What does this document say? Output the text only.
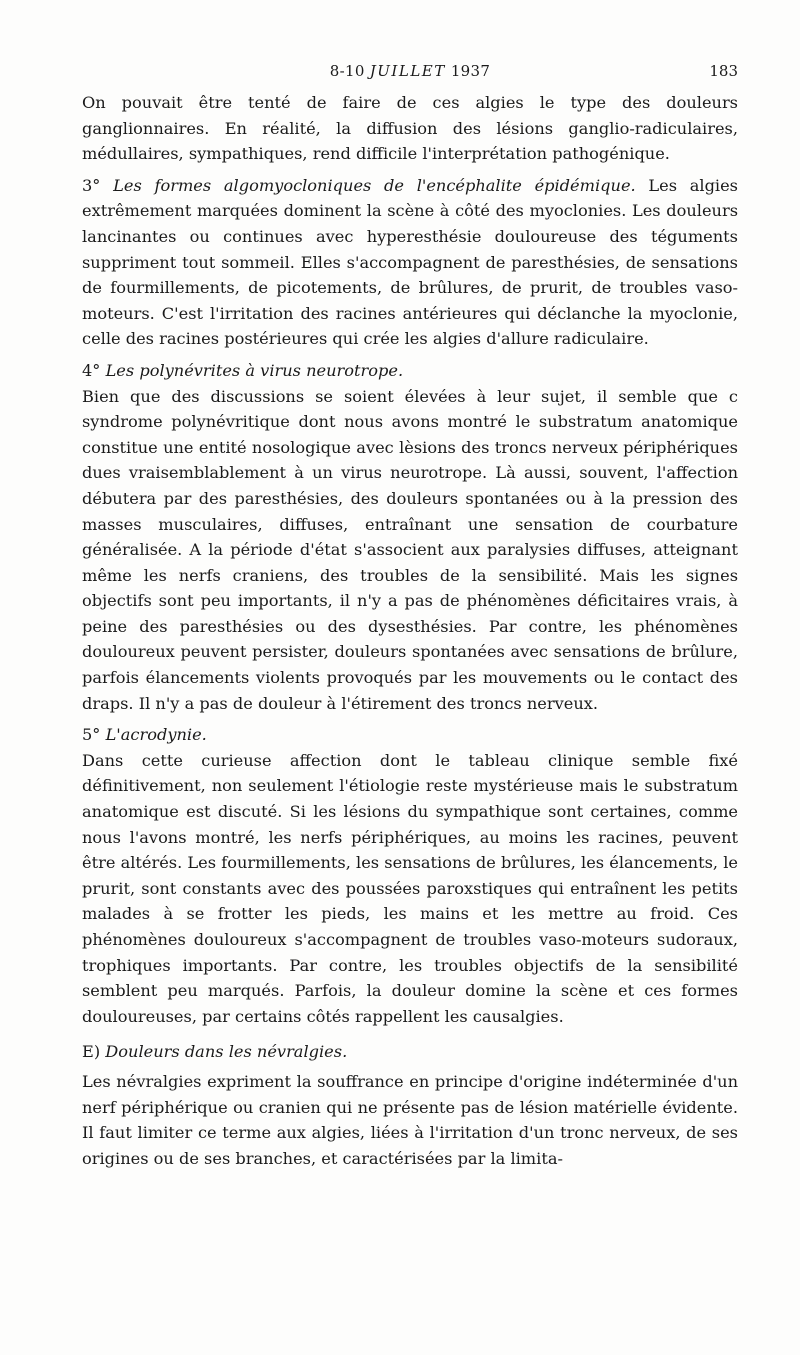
8-10 JUILLET 1937	183

On pouvait être tenté de faire de ces algies le type des douleurs ganglionnaires. En réalité, la diffusion des lésions ganglio-radiculaires, médullaires, sympathiques, rend difficile l'interprétation pathogénique.

3° Les formes algomyocloniques de l'encéphalite épidémique. Les algies extrêmement marquées dominent la scène à côté des myoclonies. Les douleurs lancinantes ou continues avec hyperesthésie douloureuse des téguments suppriment tout sommeil. Elles s'accompagnent de paresthésies, de sensations de fourmillements, de picotements, de brûlures, de prurit, de troubles vaso-moteurs. C'est l'irritation des racines antérieures qui déclanche la myoclonie, celle des racines postérieures qui crée les algies d'allure radiculaire.

4° Les polynévrites à virus neurotrope.

Bien que des discussions se soient élevées à leur sujet, il semble que c syndrome polynévritique dont nous avons montré le substratum anatomique constitue une entité nosologique avec lèsions des troncs nerveux périphériques dues vraisemblablement à un virus neurotrope. Là aussi, souvent, l'affection débutera par des paresthésies, des douleurs spontanées ou à la pression des masses musculaires, diffuses, entraînant une sensation de courbature généralisée. A la période d'état s'associent aux paralysies diffuses, atteignant même les nerfs craniens, des troubles de la sensibilité. Mais les signes objectifs sont peu importants, il n'y a pas de phénomènes déficitaires vrais, à peine des paresthésies ou des dysesthésies. Par contre, les phénomènes douloureux peuvent persister, douleurs spontanées avec sensations de brûlure, parfois élancements violents provoqués par les mouvements ou le contact des draps. Il n'y a pas de douleur à l'étirement des troncs nerveux.

5° L'acrodynie.

Dans cette curieuse affection dont le tableau clinique semble fixé définitivement, non seulement l'étiologie reste mystérieuse mais le substratum anatomique est discuté. Si les lésions du sympathique sont certaines, comme nous l'avons montré, les nerfs périphériques, au moins les racines, peuvent être altérés. Les fourmillements, les sensations de brûlures, les élancements, le prurit, sont constants avec des poussées paroxstiques qui entraînent les petits malades à se frotter les pieds, les mains et les mettre au froid. Ces phénomènes douloureux s'accompagnent de troubles vaso-moteurs sudoraux, trophiques importants. Par contre, les troubles objectifs de la sensibilité semblent peu marqués. Parfois, la douleur domine la scène et ces formes douloureuses, par certains côtés rappellent les causalgies.

E) Douleurs dans les névralgies.

Les névralgies expriment la souffrance en principe d'origine indéterminée d'un nerf périphérique ou cranien qui ne présente pas de lésion matérielle évidente. Il faut limiter ce terme aux algies, liées à l'irritation d'un tronc nerveux, de ses origines ou de ses branches, et caractérisées par la limita-
